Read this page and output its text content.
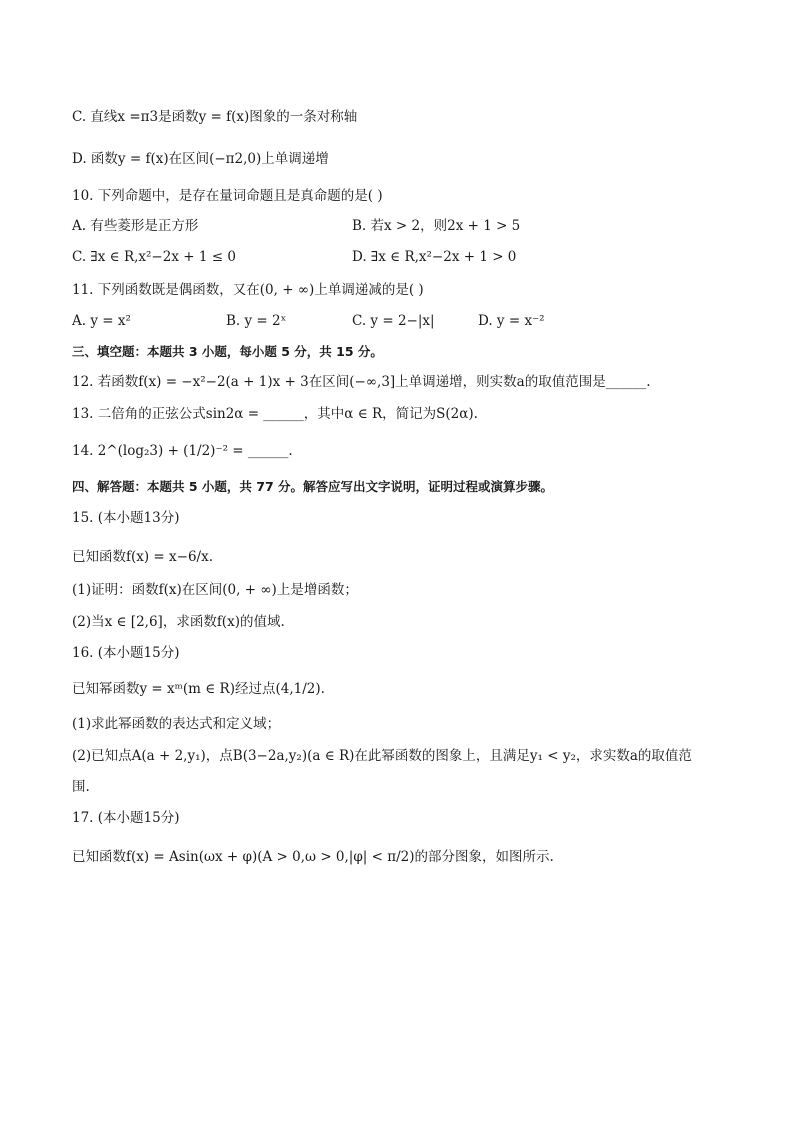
C. 直线x =π3是函数y = f(x)图象的一条对称轴
D. 函数y = f(x)在区间(−π2,0)上单调递增
10. 下列命题中，是存在量词命题且是真命题的是( )
A. 有些菱形是正方形	B. 若x > 2，则2x + 1 > 5
C. ∃x ∈ R,x²−2x + 1 ≤ 0	D. ∃x ∈ R,x²−2x + 1 > 0
11. 下列函数既是偶函数，又在(0, + ∞)上单调递减的是( )
A. y = x²	B. y = 2ˣ	C. y = 2−|x|	D. y = x⁻²
三、填空题：本题共 3 小题，每小题 5 分，共 15 分。
12. 若函数f(x) = −x²−2(a + 1)x + 3在区间(−∞,3]上单调递增，则实数a的取值范围是______.
13. 二倍角的正弦公式sin2α = ______，其中α ∈ R，简记为S(2α).
14. 2^(log₂3) + (1/2)⁻² = ______.
四、解答题：本题共 5 小题，共 77 分。解答应写出文字说明，证明过程或演算步骤。
15. (本小题13分)
已知函数f(x) = x−6/x.
(1)证明：函数f(x)在区间(0, + ∞)上是增函数；
(2)当x ∈ [2,6]，求函数f(x)的值域.
16. (本小题15分)
已知幂函数y = xᵐ(m ∈ R)经过点(4,1/2).
(1)求此幂函数的表达式和定义域；
(2)已知点A(a + 2,y₁)，点B(3−2a,y₂)(a ∈ R)在此幂函数的图象上，且满足y₁ < y₂，求实数a的取值范
围.
17. (本小题15分)
已知函数f(x) = Asin(ωx + φ)(A > 0,ω > 0,|φ| < π/2)的部分图象，如图所示.
